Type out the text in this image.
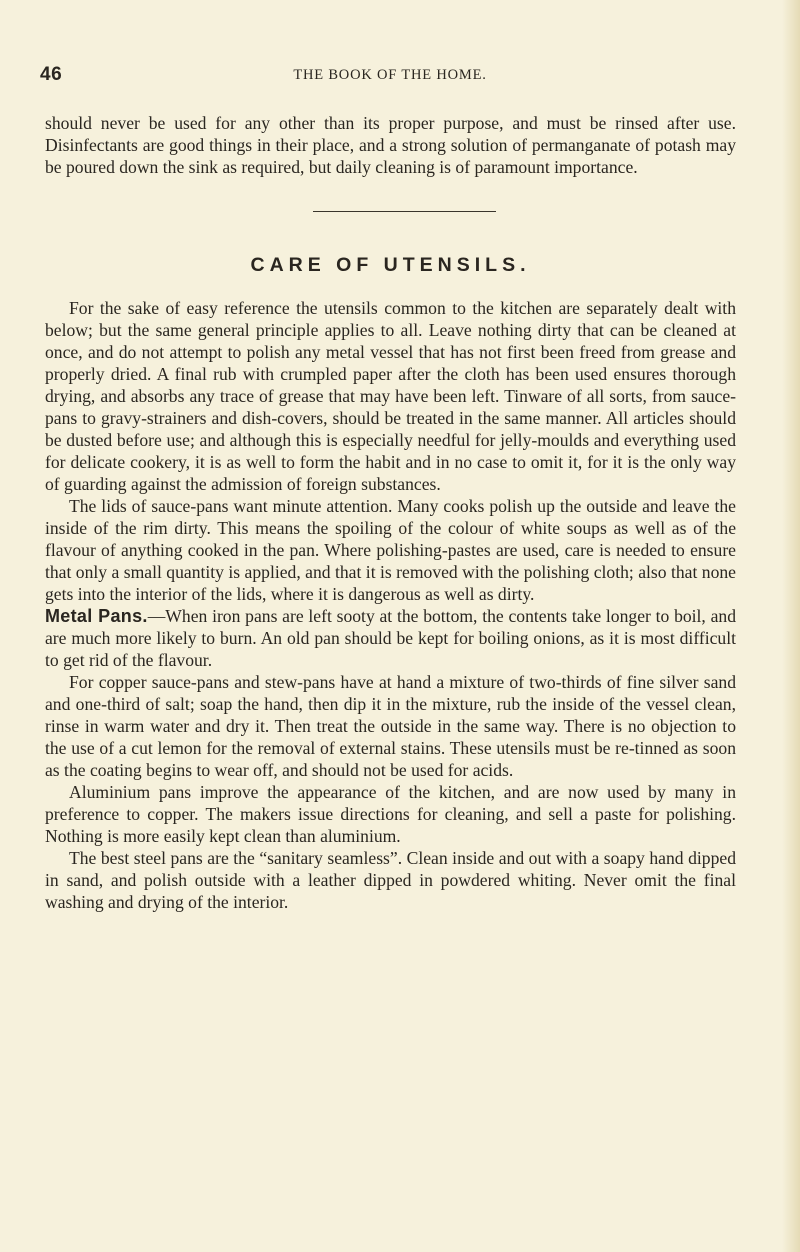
46	THE BOOK OF THE HOME.

should never be used for any other than its proper purpose, and must be rinsed after use. Disinfectants are good things in their place, and a strong solution of permanganate of potash may be poured down the sink as required, but daily cleaning is of paramount importance.

CARE OF UTENSILS.

For the sake of easy reference the utensils common to the kitchen are separately dealt with below; but the same general principle applies to all. Leave nothing dirty that can be cleaned at once, and do not attempt to polish any metal vessel that has not first been freed from grease and properly dried. A final rub with crumpled paper after the cloth has been used ensures thorough drying, and absorbs any trace of grease that may have been left. Tinware of all sorts, from sauce-pans to gravy-strainers and dish-covers, should be treated in the same manner. All articles should be dusted before use; and although this is especially needful for jelly-moulds and everything used for delicate cookery, it is as well to form the habit and in no case to omit it, for it is the only way of guarding against the admission of foreign substances.

The lids of sauce-pans want minute attention. Many cooks polish up the outside and leave the inside of the rim dirty. This means the spoiling of the colour of white soups as well as of the flavour of anything cooked in the pan. Where polishing-pastes are used, care is needed to ensure that only a small quantity is applied, and that it is removed with the polishing cloth; also that none gets into the interior of the lids, where it is dangerous as well as dirty.

Metal Pans.—When iron pans are left sooty at the bottom, the contents take longer to boil, and are much more likely to burn. An old pan should be kept for boiling onions, as it is most difficult to get rid of the flavour.

For copper sauce-pans and stew-pans have at hand a mixture of two-thirds of fine silver sand and one-third of salt; soap the hand, then dip it in the mixture, rub the inside of the vessel clean, rinse in warm water and dry it. Then treat the outside in the same way. There is no objection to the use of a cut lemon for the removal of external stains. These utensils must be re-tinned as soon as the coating begins to wear off, and should not be used for acids.

Aluminium pans improve the appearance of the kitchen, and are now used by many in preference to copper. The makers issue directions for cleaning, and sell a paste for polishing. Nothing is more easily kept clean than aluminium.

The best steel pans are the “sanitary seamless”. Clean inside and out with a soapy hand dipped in sand, and polish outside with a leather dipped in powdered whiting. Never omit the final washing and drying of the interior.
